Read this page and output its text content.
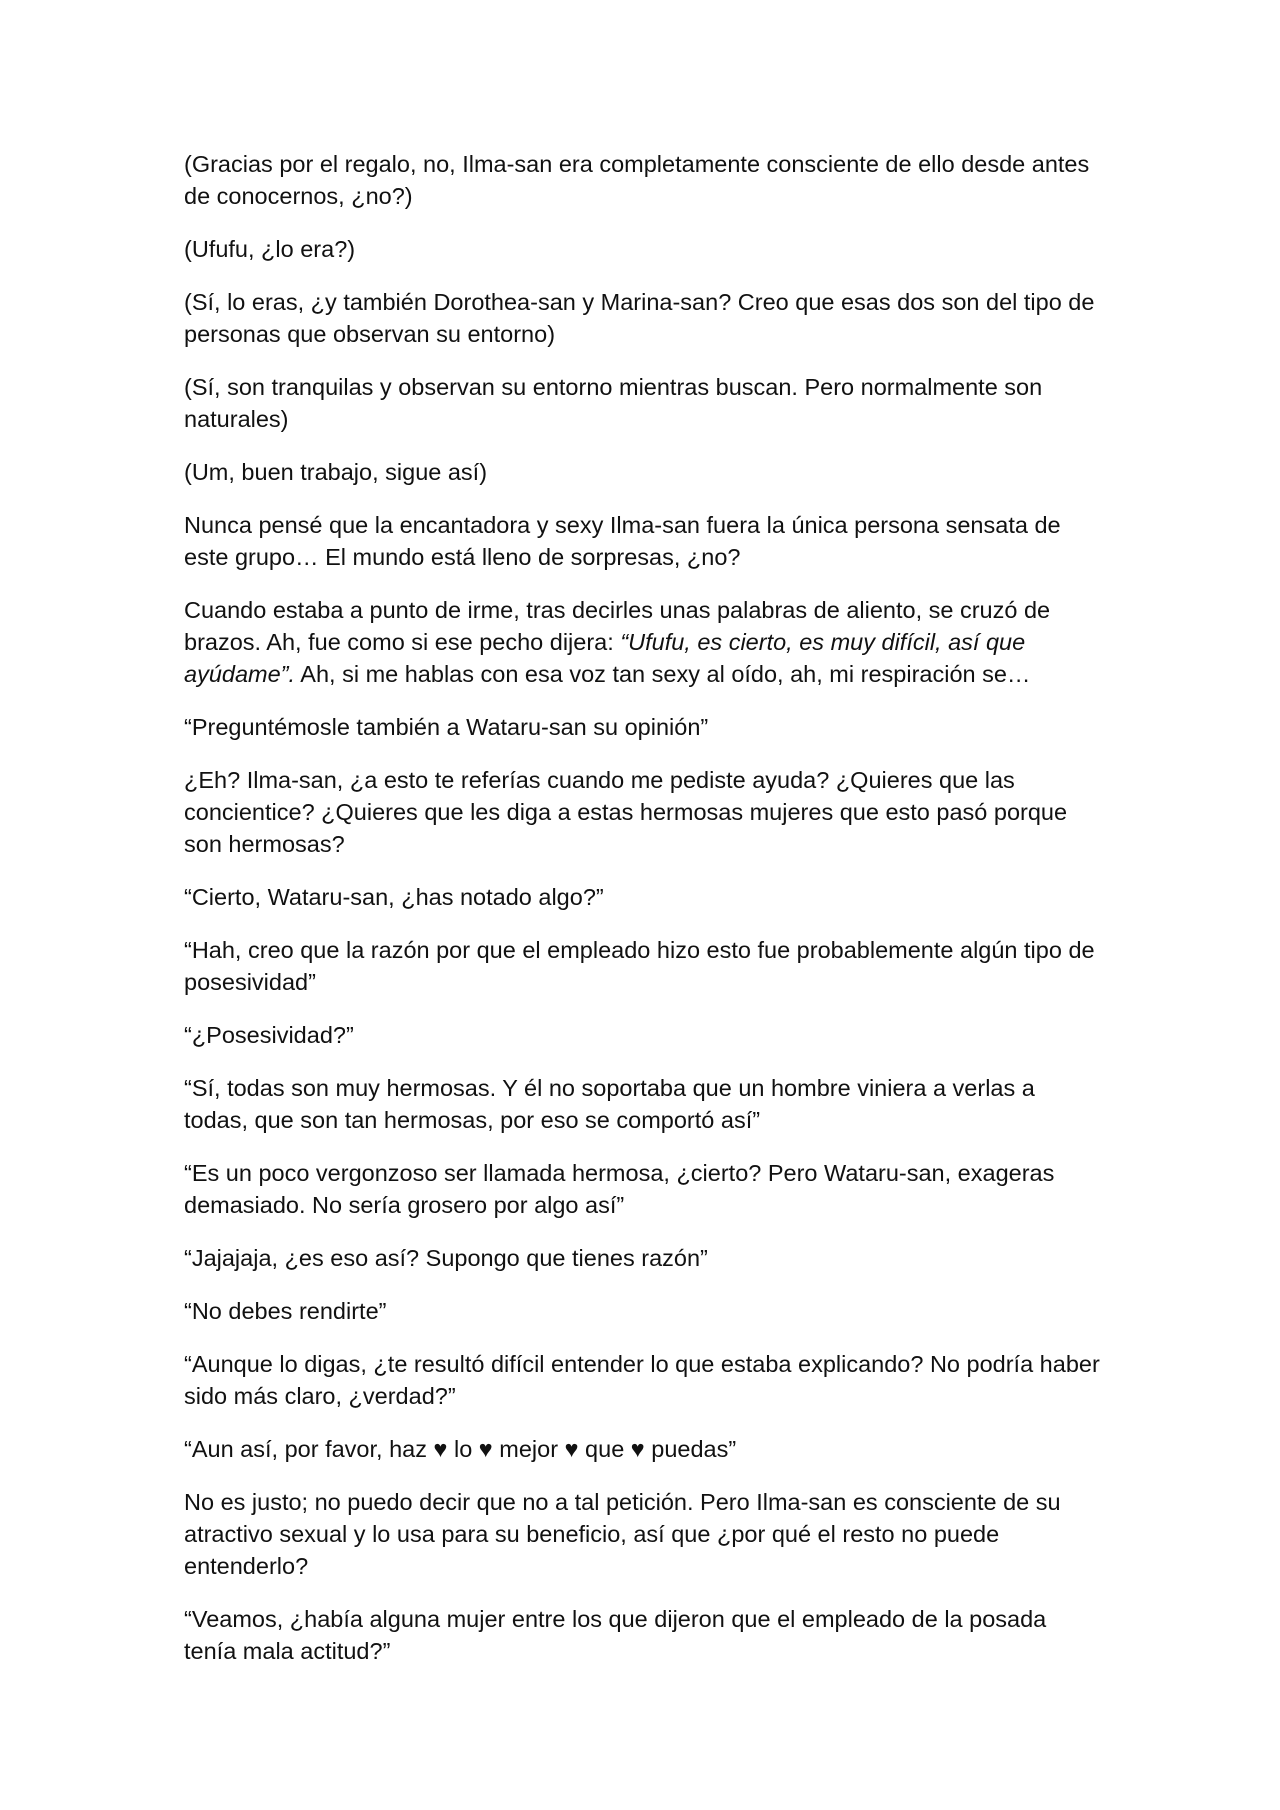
(Gracias por el regalo, no, Ilma-san era completamente consciente de ello desde antes de conocernos, ¿no?)

(Ufufu, ¿lo era?)

(Sí, lo eras, ¿y también Dorothea-san y Marina-san? Creo que esas dos son del tipo de personas que observan su entorno)

(Sí, son tranquilas y observan su entorno mientras buscan. Pero normalmente son naturales)

(Um, buen trabajo, sigue así)

Nunca pensé que la encantadora y sexy Ilma-san fuera la única persona sensata de este grupo… El mundo está lleno de sorpresas, ¿no?

Cuando estaba a punto de irme, tras decirles unas palabras de aliento, se cruzó de brazos. Ah, fue como si ese pecho dijera: “Ufufu, es cierto, es muy difícil, así que ayúdame”. Ah, si me hablas con esa voz tan sexy al oído, ah, mi respiración se…

“Preguntémosle también a Wataru-san su opinión”

¿Eh? Ilma-san, ¿a esto te referías cuando me pediste ayuda? ¿Quieres que las concientice? ¿Quieres que les diga a estas hermosas mujeres que esto pasó porque son hermosas?

“Cierto, Wataru-san, ¿has notado algo?”

“Hah, creo que la razón por que el empleado hizo esto fue probablemente algún tipo de posesividad”

“¿Posesividad?”

“Sí, todas son muy hermosas. Y él no soportaba que un hombre viniera a verlas a todas, que son tan hermosas, por eso se comportó así”

“Es un poco vergonzoso ser llamada hermosa, ¿cierto? Pero Wataru-san, exageras demasiado. No sería grosero por algo así”

“Jajajaja, ¿es eso así? Supongo que tienes razón”

“No debes rendirte”

“Aunque lo digas, ¿te resultó difícil entender lo que estaba explicando? No podría haber sido más claro, ¿verdad?”

“Aun así, por favor, haz ♥ lo ♥ mejor ♥ que ♥ puedas”

No es justo; no puedo decir que no a tal petición. Pero Ilma-san es consciente de su atractivo sexual y lo usa para su beneficio, así que ¿por qué el resto no puede entenderlo?

“Veamos, ¿había alguna mujer entre los que dijeron que el empleado de la posada tenía mala actitud?”
